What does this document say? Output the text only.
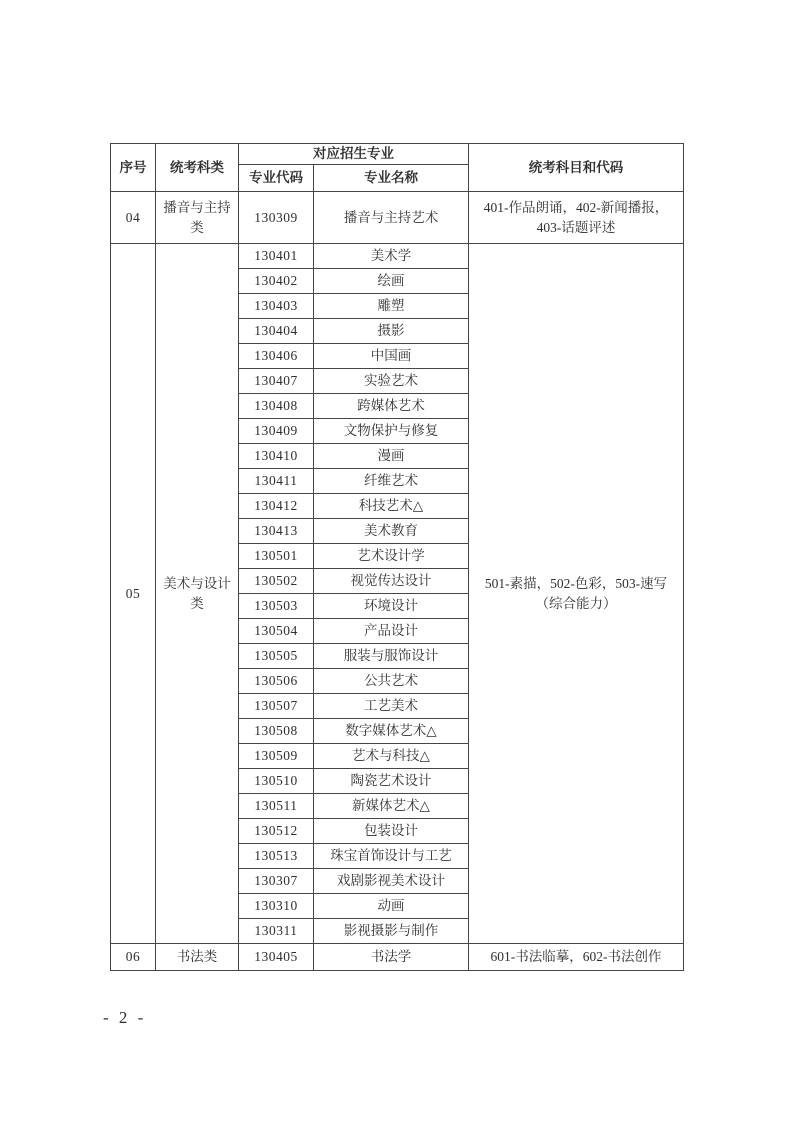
序号	统考科类	对应招生专业		统考科目和代码
		专业代码	专业名称	
04	播音与主持类	130309	播音与主持艺术	401-作品朗诵，402-新闻播报，403-话题评述
05	美术与设计类	130401	美术学	501-素描，502-色彩，503-速写（综合能力）
		130402	绘画	
		130403	雕塑	
		130404	摄影	
		130406	中国画	
		130407	实验艺术	
		130408	跨媒体艺术	
		130409	文物保护与修复	
		130410	漫画	
		130411	纤维艺术	
		130412	科技艺术△	
		130413	美术教育	
		130501	艺术设计学	
		130502	视觉传达设计	
		130503	环境设计	
		130504	产品设计	
		130505	服装与服饰设计	
		130506	公共艺术	
		130507	工艺美术	
		130508	数字媒体艺术△	
		130509	艺术与科技△	
		130510	陶瓷艺术设计	
		130511	新媒体艺术△	
		130512	包装设计	
		130513	珠宝首饰设计与工艺	
		130307	戏剧影视美术设计	
		130310	动画	
		130311	影视摄影与制作	
06	书法类	130405	书法学	601-书法临摹，602-书法创作
- 2 -
